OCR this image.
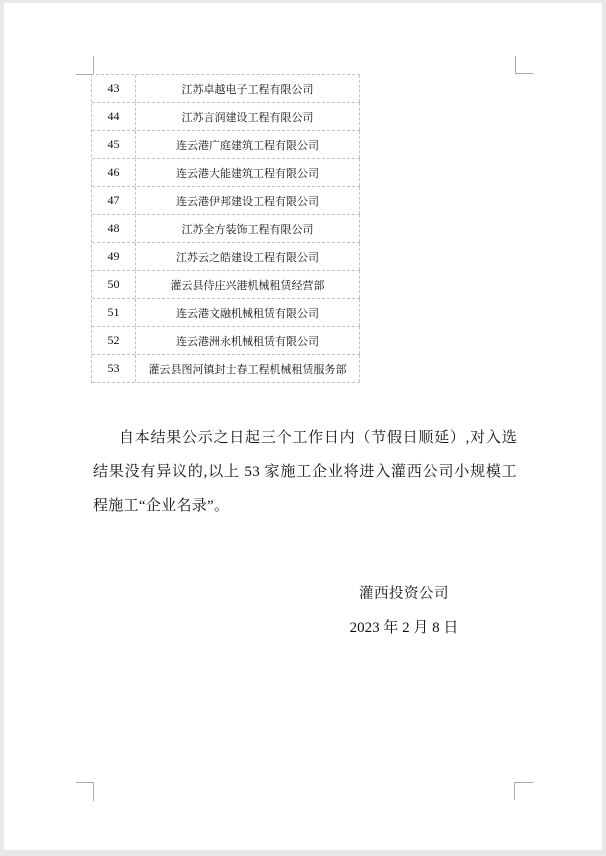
43	江苏卓越电子工程有限公司
44	江苏言润建设工程有限公司
45	连云港广庭建筑工程有限公司
46	连云港大能建筑工程有限公司
47	连云港伊邦建设工程有限公司
48	江苏全方装饰工程有限公司
49	江苏云之皓建设工程有限公司
50	灌云县侍庄兴港机械租赁经营部
51	连云港文融机械租赁有限公司
52	连云港洲永机械租赁有限公司
53	灌云县图河镇封士春工程机械租赁服务部
自本结果公示之日起三个工作日内（节假日顺延）,对入选结果没有异议的,以上 53 家施工企业将进入灌西公司小规模工程施工“企业名录”。
灌西投资公司
2023 年 2 月 8 日
